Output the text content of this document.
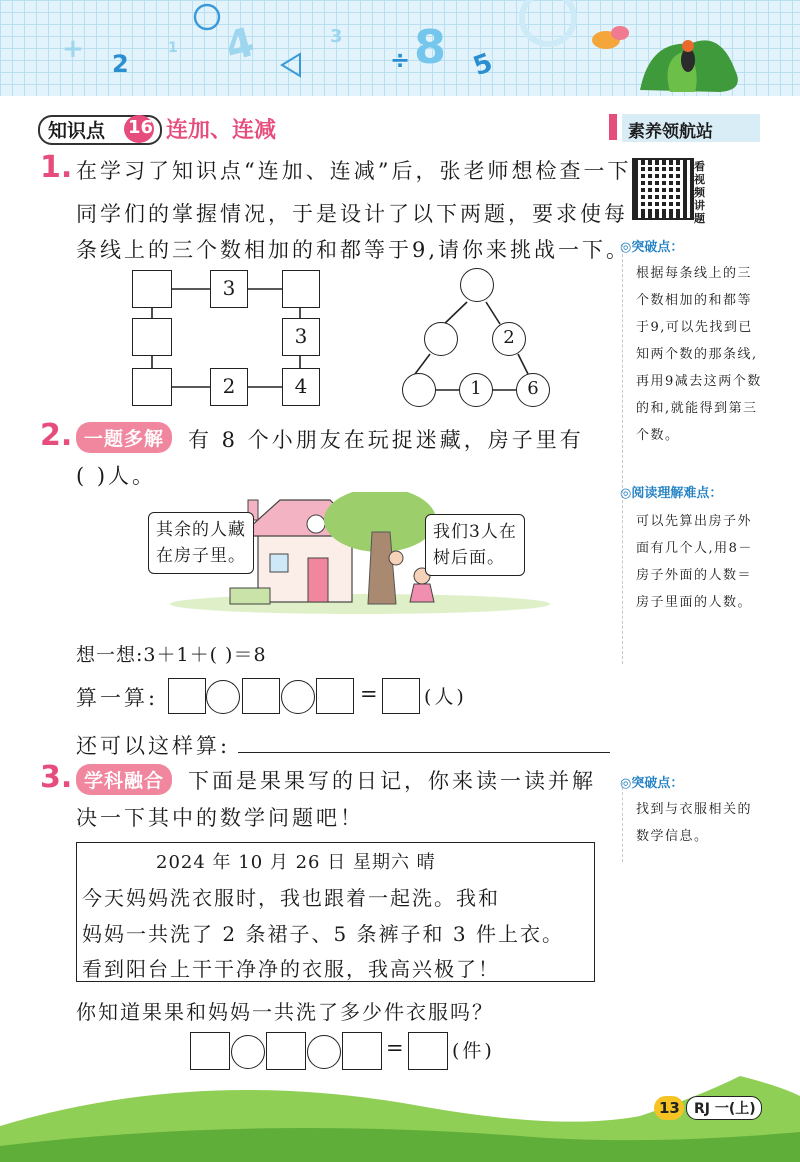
+ 2
1 4	3
÷ 8 5
知识点 16 连加、连减	素养领航站
看视频讲题
◎突破点：
根据每条线上的三个数相加的和都等于9,可以先找到已知两个数的那条线,再用9减去这两个数的和,就能得到第三个数。
◎阅读理解难点：
可以先算出房子外面有几个人,用8－房子外面的人数＝房子里面的人数。
◎突破点：
找到与衣服相关的数学信息。
1. 在学习了知识点“连加、连减”后，张老师想检查一下
同学们的掌握情况，于是设计了以下两题，要求使每
条线上的三个数相加的和都等于9,请你来挑战一下。
3
3
2	4
2
1	6
2. 一题多解	有 8 个小朋友在玩捉迷藏，房子里有
( )人。
其余的人藏
在房子里。
我们3人在
树后面。
想一想:3＋1＋( )＝8
算一算:	= (人)
还可以这样算:
3. 学科融合	下面是果果写的日记，你来读一读并解
决一下其中的数学问题吧！
2024 年 10 月 26 日 星期六 晴
今天妈妈洗衣服时，我也跟着一起洗。我和
妈妈一共洗了 2 条裙子、5 条裤子和 3 件上衣。
看到阳台上干干净净的衣服，我高兴极了！
你知道果果和妈妈一共洗了多少件衣服吗？
= (件)
13 RJ 一(上)
